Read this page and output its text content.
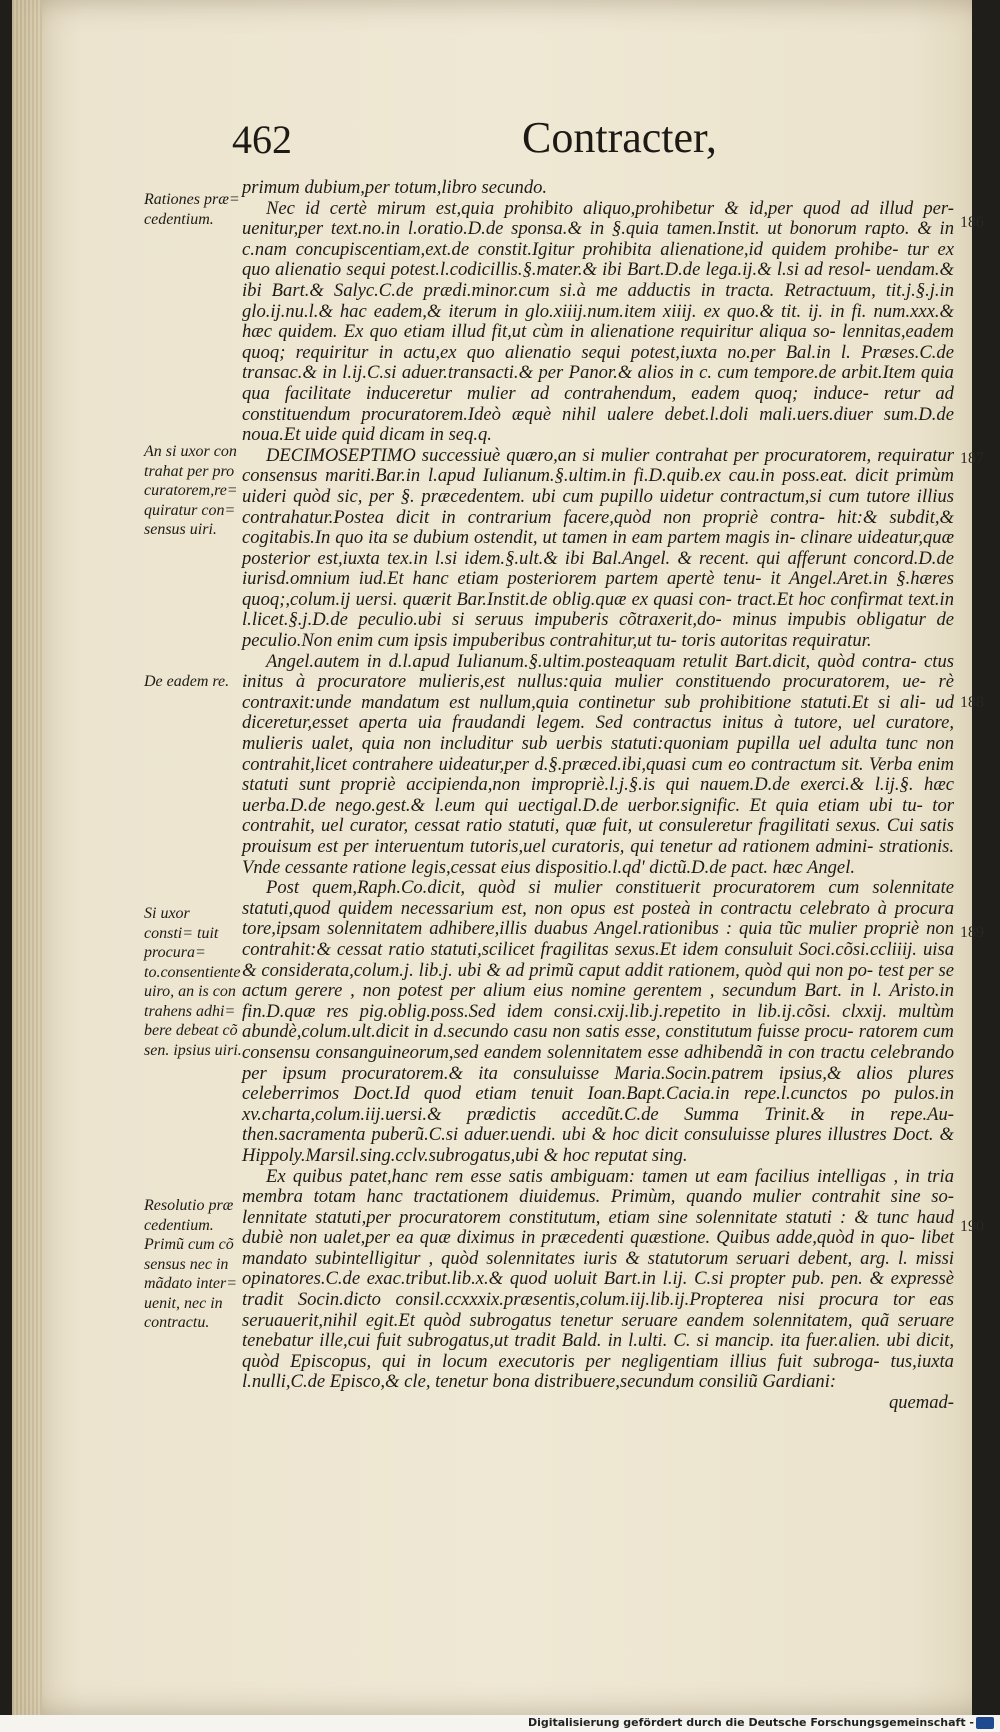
462	Contracter,

primum dubium,per totum,libro secundo.

Nec id certè mirum est,quia prohibito aliquo,prohibetur & id,per quod ad illud per- uenitur,per text.no.in l.oratio.D.de sponsa.& in §.quia tamen.Instit. ut bonorum rapto. & in c.nam concupiscentiam,ext.de constit.Igitur prohibita alienatione,id quidem prohibe- tur ex quo alienatio sequi potest.l.codicillis.§.mater.& ibi Bart.D.de lega.ij.& l.si ad resol- uendam.& ibi Bart.& Salyc.C.de prædi.minor.cum si.à me adductis in tracta. Retractuum, tit.j.§.j.in glo.ij.nu.l.& hac eadem,& iterum in glo.xiiij.num.item xiiij. ex quo.& tit. ij. in fi. num.xxx.& hæc quidem. Ex quo etiam illud fit,ut cùm in alienatione requiritur aliqua so- lennitas,eadem quoq; requiritur in actu,ex quo alienatio sequi potest,iuxta no.per Bal.in l. Præses.C.de transac.& in l.ij.C.si aduer.transacti.& per Panor.& alios in c. cum tempore.de arbit.Item quia qua facilitate induceretur mulier ad contrahendum, eadem quoq; induce- retur ad constituendum procuratorem.Ideò æquè nihil ualere debet.l.doli mali.uers.diuer sum.D.de noua.Et uide quid dicam in seq.q.

DECIMOSEPTIMO successiuè quæro,an si mulier contrahat per procuratorem, requiratur consensus mariti.Bar.in l.apud Iulianum.§.ultim.in fi.D.quib.ex cau.in poss.eat. dicit primùm uideri quòd sic, per §. præcedentem. ubi cum pupillo uidetur contractum,si cum tutore illius contrahatur.Postea dicit in contrarium facere,quòd non propriè contra- hit:& subdit,& cogitabis.In quo ita se dubium ostendit, ut tamen in eam partem magis in- clinare uideatur,quæ posterior est,iuxta tex.in l.si idem.§.ult.& ibi Bal.Angel. & recent. qui afferunt concord.D.de iurisd.omnium iud.Et hanc etiam posteriorem partem apertè tenu- it Angel.Aret.in §.hæres quoq;,colum.ij uersi. quærit Bar.Instit.de oblig.quæ ex quasi con- tract.Et hoc confirmat text.in l.licet.§.j.D.de peculio.ubi si seruus impuberis cõtraxerit,do- minus impubis obligatur de peculio.Non enim cum ipsis impuberibus contrahitur,ut tu- toris autoritas requiratur.

Angel.autem in d.l.apud Iulianum.§.ultim.posteaquam retulit Bart.dicit, quòd contra- ctus initus à procuratore mulieris,est nullus:quia mulier constituendo procuratorem, ue- rè contraxit:unde mandatum est nullum,quia continetur sub prohibitione statuti.Et si ali- ud diceretur,esset aperta uia fraudandi legem. Sed contractus initus à tutore, uel curatore, mulieris ualet, quia non includitur sub uerbis statuti:quoniam pupilla uel adulta tunc non contrahit,licet contrahere uideatur,per d.§.præced.ibi,quasi cum eo contractum sit. Verba enim statuti sunt propriè accipienda,non impropriè.l.j.§.is qui nauem.D.de exerci.& l.ij.§. hæc uerba.D.de nego.gest.& l.eum qui uectigal.D.de uerbor.signific. Et quia etiam ubi tu- tor contrahit, uel curator, cessat ratio statuti, quæ fuit, ut consuleretur fragilitati sexus. Cui satis prouisum est per interuentum tutoris,uel curatoris, qui tenetur ad rationem admini- strationis. Vnde cessante ratione legis,cessat eius dispositio.l.qd' dictũ.D.de pact. hæc Angel.

Post quem,Raph.Co.dicit, quòd si mulier constituerit procuratorem cum solennitate statuti,quod quidem necessarium est, non opus est posteà in contractu celebrato à procura tore,ipsam solennitatem adhibere,illis duabus Angel.rationibus : quia tũc mulier propriè non contrahit:& cessat ratio statuti,scilicet fragilitas sexus.Et idem consuluit Soci.cõsi.ccliiij. uisa & considerata,colum.j. lib.j. ubi & ad primũ caput addit rationem, quòd qui non po- test per se actum gerere , non potest per alium eius nomine gerentem , secundum Bart. in l. Aristo.in fin.D.quæ res pig.oblig.poss.Sed idem consi.cxij.lib.j.repetito in lib.ij.cõsi. clxxij. multùm abundè,colum.ult.dicit in d.secundo casu non satis esse, constitutum fuisse procu- ratorem cum consensu consanguineorum,sed eandem solennitatem esse adhibendã in con tractu celebrando per ipsum procuratorem.& ita consuluisse Maria.Socin.patrem ipsius,& alios plures celeberrimos Doct.Id quod etiam tenuit Ioan.Bapt.Cacia.in repe.l.cunctos po pulos.in xv.charta,colum.iij.uersi.& prædictis accedũt.C.de Summa Trinit.& in repe.Au- then.sacramenta puberũ.C.si aduer.uendi. ubi & hoc dicit consuluisse plures illustres Doct. & Hippoly.Marsil.sing.cclv.subrogatus,ubi & hoc reputat sing.

Ex quibus patet,hanc rem esse satis ambiguam: tamen ut eam facilius intelligas , in tria membra totam hanc tractationem diuidemus. Primùm, quando mulier contrahit sine so- lennitate statuti,per procuratorem constitutum, etiam sine solennitate statuti : & tunc haud dubiè non ualet,per ea quæ diximus in præcedenti quæstione. Quibus adde,quòd in quo- libet mandato subintelligitur , quòd solennitates iuris & statutorum seruari debent, arg. l. missi opinatores.C.de exac.tribut.lib.x.& quod uoluit Bart.in l.ij. C.si propter pub. pen. & expressè tradit Socin.dicto consil.ccxxxix.præsentis,colum.iij.lib.ij.Propterea nisi procura tor eas seruauerit,nihil egit.Et quòd subrogatus tenetur seruare eandem solennitatem, quã seruare tenebatur ille,cui fuit subrogatus,ut tradit Bald. in l.ulti. C. si mancip. ita fuer.alien. ubi dicit, quòd Episcopus, qui in locum executoris per negligentiam illius fuit subroga- tus,iuxta l.nulli,C.de Episco,& cle, tenetur bona distribuere,secundum consiliũ Gardiani:

quemad-
Rationes præ= cedentium.
An si uxor con trahat per pro curatorem,re= quiratur con= sensus uiri.
De eadem re.
Si uxor consti= tuit procura= to.consentiente uiro, an is con trahens adhi= bere debeat cõ sen. ipsius uiri.
Resolutio præ cedentium. Primũ cum cõ sensus nec in mãdato inter= uenit, nec in contractu.
186
187
188
189
190
Digitalisierung gefördert durch die Deutsche Forschungsgemeinschaft -
